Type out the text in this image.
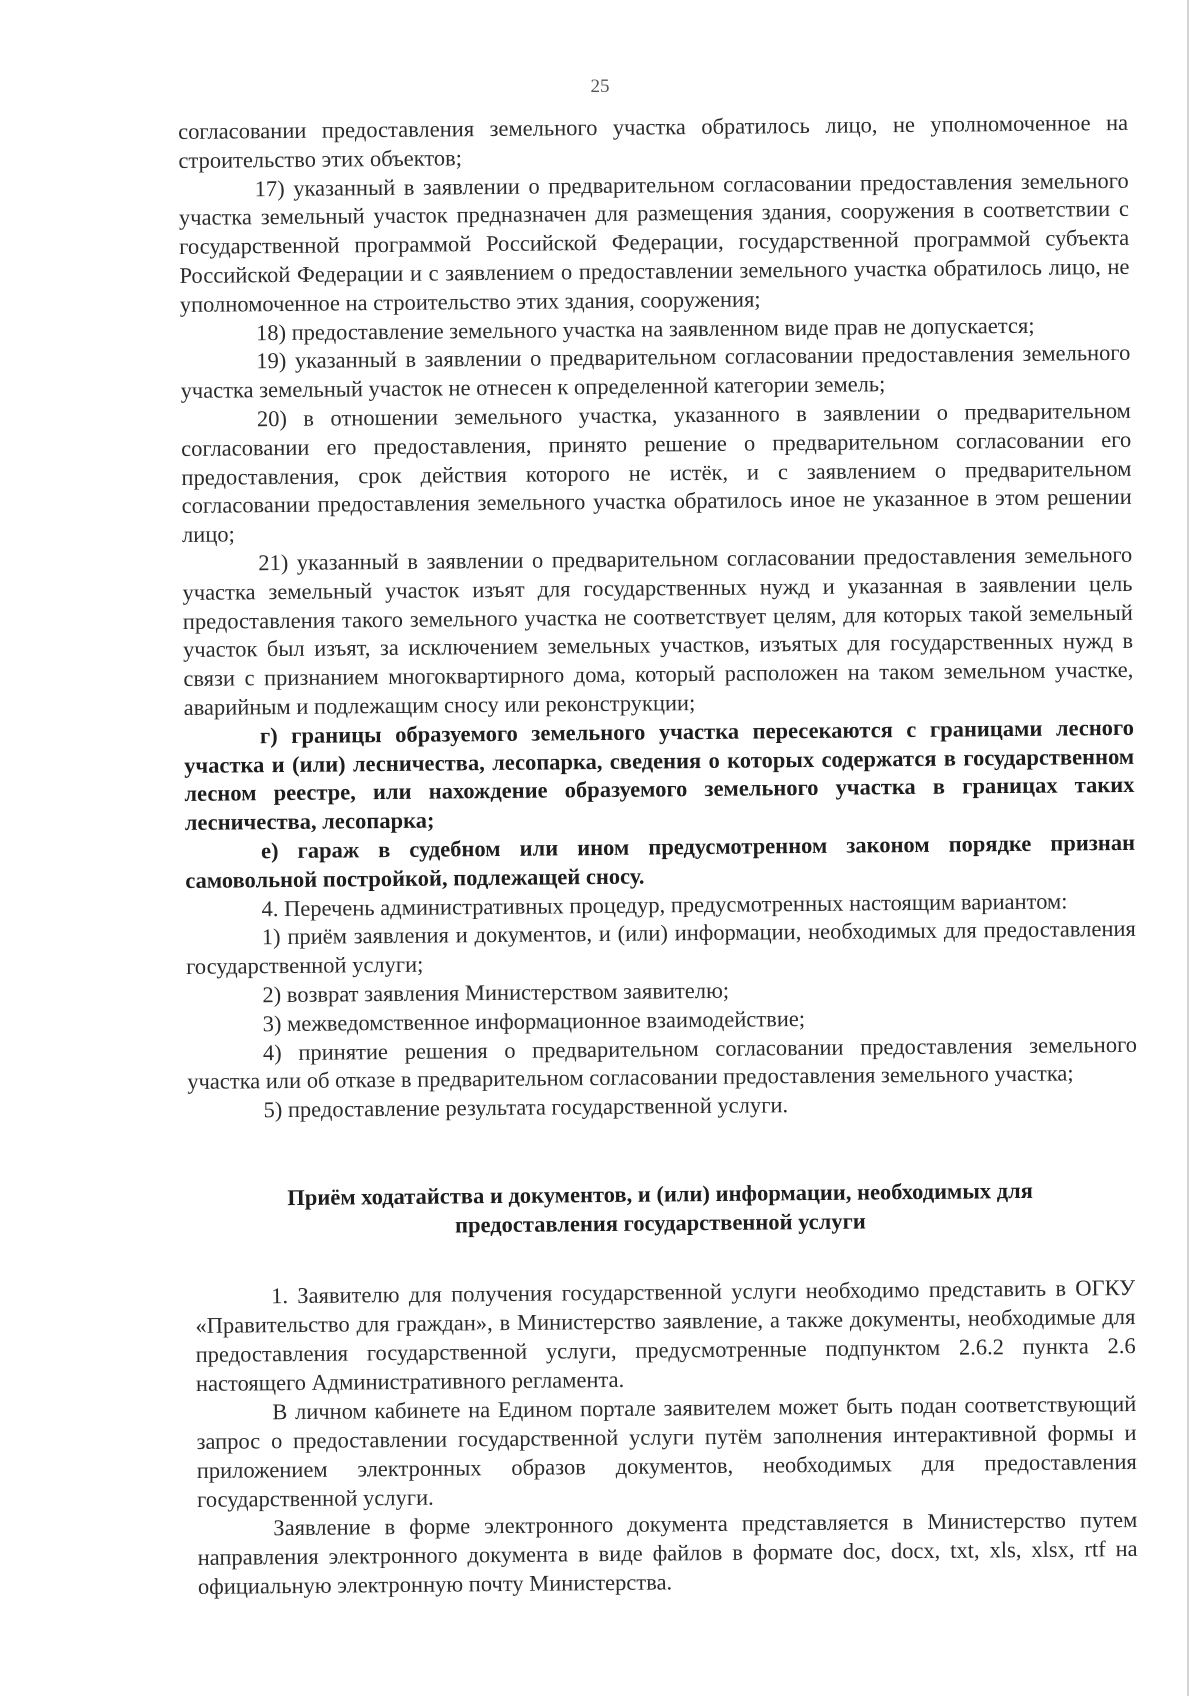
25

согласовании предоставления земельного участка обратилось лицо, не уполномоченное на строительство этих объектов;

17) указанный в заявлении о предварительном согласовании предоставления земельного участка земельный участок предназначен для размещения здания, сооружения в соответствии с государственной программой Российской Федерации, государственной программой субъекта Российской Федерации и с заявлением о предоставлении земельного участка обратилось лицо, не уполномоченное на строительство этих здания, сооружения;

18) предоставление земельного участка на заявленном виде прав не допускается;

19) указанный в заявлении о предварительном согласовании предоставления земельного участка земельный участок не отнесен к определенной категории земель;

20) в отношении земельного участка, указанного в заявлении о предварительном согласовании его предоставления, принято решение о предварительном согласовании его предоставления, срок действия которого не истёк, и с заявлением о предварительном согласовании предоставления земельного участка обратилось иное не указанное в этом решении лицо;

21) указанный в заявлении о предварительном согласовании предоставления земельного участка земельный участок изъят для государственных нужд и указанная в заявлении цель предоставления такого земельного участка не соответствует целям, для которых такой земельный участок был изъят, за исключением земельных участков, изъятых для государственных нужд в связи с признанием многоквартирного дома, который расположен на таком земельном участке, аварийным и подлежащим сносу или реконструкции;

г) границы образуемого земельного участка пересекаются с границами лесного участка и (или) лесничества, лесопарка, сведения о которых содержатся в государственном лесном реестре, или нахождение образуемого земельного участка в границах таких лесничества, лесопарка;

е) гараж в судебном или ином предусмотренном законом порядке признан самовольной постройкой, подлежащей сносу.

4. Перечень административных процедур, предусмотренных настоящим вариантом:

1) приём заявления и документов, и (или) информации, необходимых для предоставления государственной услуги;

2) возврат заявления Министерством заявителю;

3) межведомственное информационное взаимодействие;

4) принятие решения о предварительном согласовании предоставления земельного участка или об отказе в предварительном согласовании предоставления земельного участка;

5) предоставление результата государственной услуги.

Приём ходатайства и документов, и (или) информации, необходимых для

предоставления государственной услуги

1. Заявителю для получения государственной услуги необходимо представить в ОГКУ «Правительство для граждан», в Министерство заявление, а также документы, необходимые для предоставления государственной услуги, предусмотренные подпунктом 2.6.2 пункта 2.6 настоящего Административного регламента.

В личном кабинете на Едином портале заявителем может быть подан соответствующий запрос о предоставлении государственной услуги путём заполнения интерактивной формы и приложением электронных образов документов, необходимых для предоставления государственной услуги.

Заявление в форме электронного документа представляется в Министерство путем направления электронного документа в виде файлов в формате doc, docx, txt, xls, xlsx, rtf на официальную электронную почту Министерства.
